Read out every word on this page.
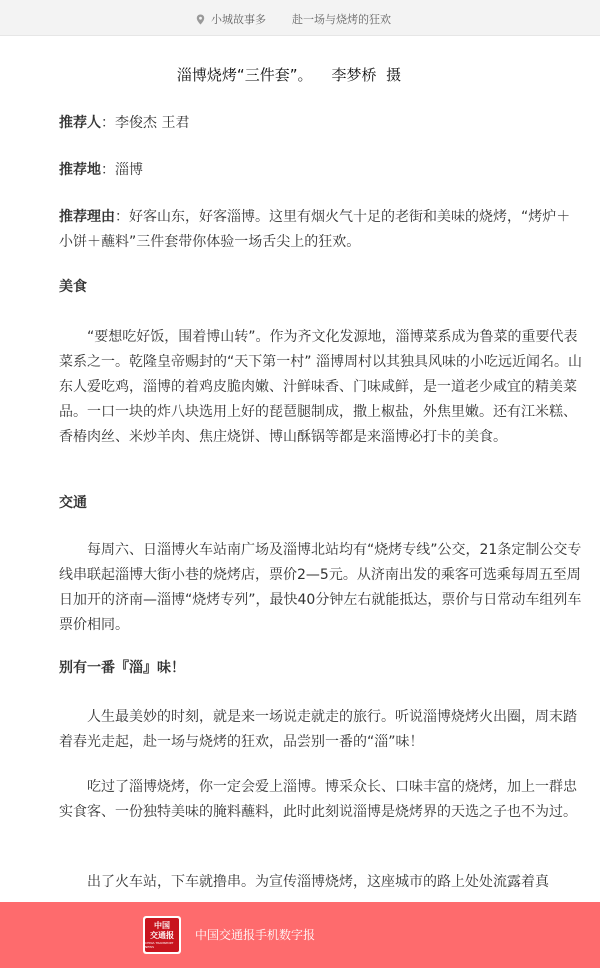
小城故事多 赴一场与烧烤的狂欢
淄博烧烤“三件套”。    李梦桥  摄
推荐人：李俊杰 王君
推荐地：淄博
推荐理由：好客山东，好客淄博。这里有烟火气十足的老街和美味的烧烤，“烤炉＋小饼＋蘸料”三件套带你体验一场舌尖上的狂欢。
美食
“要想吃好饭，围着博山转”。作为齐文化发源地，淄博菜系成为鲁菜的重要代表菜系之一。乾隆皇帝赐封的“天下第一村” 淄博周村以其独具风味的小吃远近闻名。山东人爱吃鸡，淄博的着鸡皮脆肉嫩、汁鲜味香、门味咸鲜，是一道老少咸宜的精美菜品。一口一块的炸八块选用上好的琵琶腿制成，撒上椒盐，外焦里嫩。还有江米糕、香椿肉丝、米炒羊肉、焦庄烧饼、博山酥锅等都是来淄博必打卡的美食。
交通
每周六、日淄博火车站南广场及淄博北站均有“烧烤专线”公交，21条定制公交专线串联起淄博大街小巷的烧烤店，票价2—5元。从济南出发的乘客可选乘每周五至周日加开的济南—淄博“烧烤专列”，最快40分钟左右就能抵达，票价与日常动车组列车票价相同。
别有一番『淄』味！
人生最美妙的时刻，就是来一场说走就走的旅行。听说淄博烧烤火出圈，周末踏着春光走起，赴一场与烧烤的狂欢，品尝别一番的“淄”味！
吃过了淄博烧烤，你一定会爱上淄博。博采众长、口味丰富的烧烤，加上一群忠实食客、一份独特美味的腌料蘸料，此时此刻说淄博是烧烤界的天选之子也不为过。
出了火车站，下车就撸串。为宣传淄博烧烤，这座城市的路上处处流露着真
中国
交通报
CHINA TRANSPORT NEWS
中国交通报手机数字报
